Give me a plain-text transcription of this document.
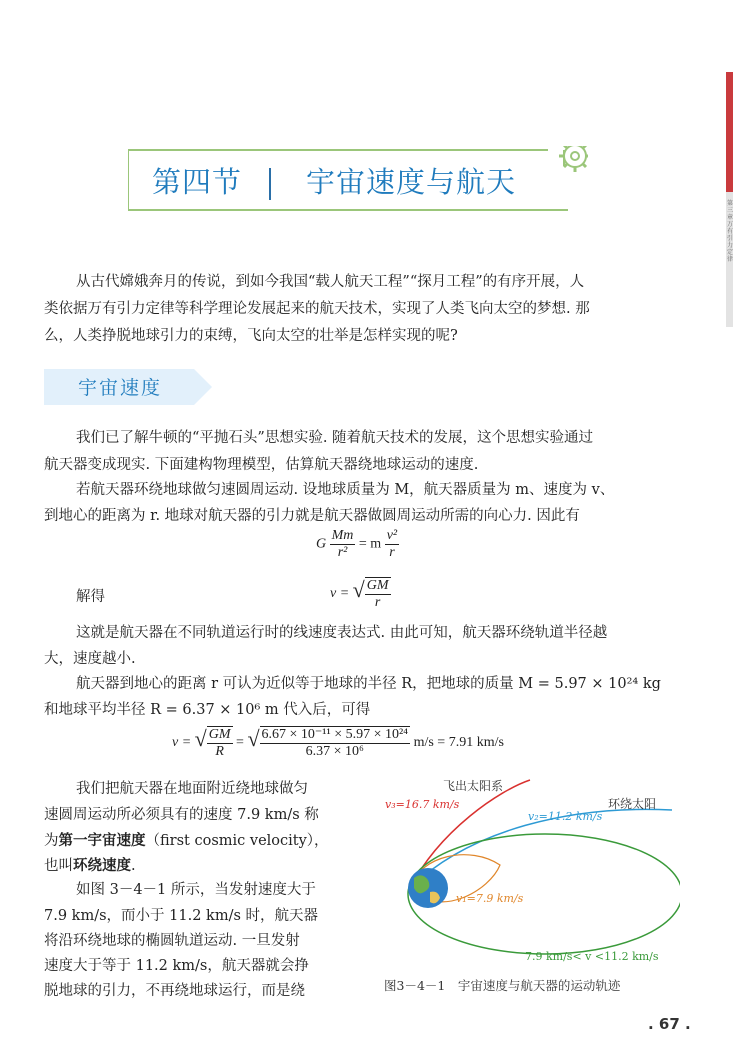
第三章 万有引力定律
第四节 宇宙速度与航天
从古代嫦娥奔月的传说，到如今我国“载人航天工程”“探月工程”的有序开展，人
类依据万有引力定律等科学理论发展起来的航天技术，实现了人类飞向太空的梦想. 那
么，人类挣脱地球引力的束缚，飞向太空的壮举是怎样实现的呢?
宇宙速度
我们已了解牛顿的“平抛石头”思想实验. 随着航天技术的发展，这个思想实验通过
航天器变成现实. 下面建构物理模型，估算航天器绕地球运动的速度.
若航天器环绕地球做匀速圆周运动. 设地球质量为 M，航天器质量为 m、速度为 v、
到地心的距离为 r. 地球对航天器的引力就是航天器做圆周运动所需的向心力. 因此有
G $\frac{Mm}{\text{r²}} = m \frac{\text{v²}}{r}$
解得	v = √ $\frac{GM}{r}$
这就是航天器在不同轨道运行时的线速度表达式. 由此可知，航天器环绕轨道半径越
大，速度越小.
航天器到地心的距离 r 可认为近似等于地球的半径 R，把地球的质量 M = 5.97 × 10²⁴ kg
和地球平均半径 R = 6.37 × 10⁶ m 代入后，可得
v = √ $\frac{GM}{R}$ = √ $\frac{\text{6.67 × 10⁻¹¹ × 5.97 × 10²⁴}}{\text{6.37 × 10⁶}} m/s = 7.91$ km/s
我们把航天器在地面附近绕地球做匀
速圆周运动所必须具有的速度 7.9 km/s 称
为第一宇宙速度（first cosmic velocity），
也叫环绕速度.
如图 3－4－1 所示，当发射速度大于
7.9 km/s，而小于 11.2 km/s 时，航天器
将沿环绕地球的椭圆轨道运动. 一旦发射
速度大于等于 11.2 km/s，航天器就会挣
脱地球的引力，不再绕地球运行，而是绕
飞出太阳系
v₃=16.7 km/s	环绕太阳
v₂=11.2 km/s
v₁=7.9 km/s
7.9 km/s< v <11.2 km/s
图3－4－1　宇宙速度与航天器的运动轨迹
. 67 .
